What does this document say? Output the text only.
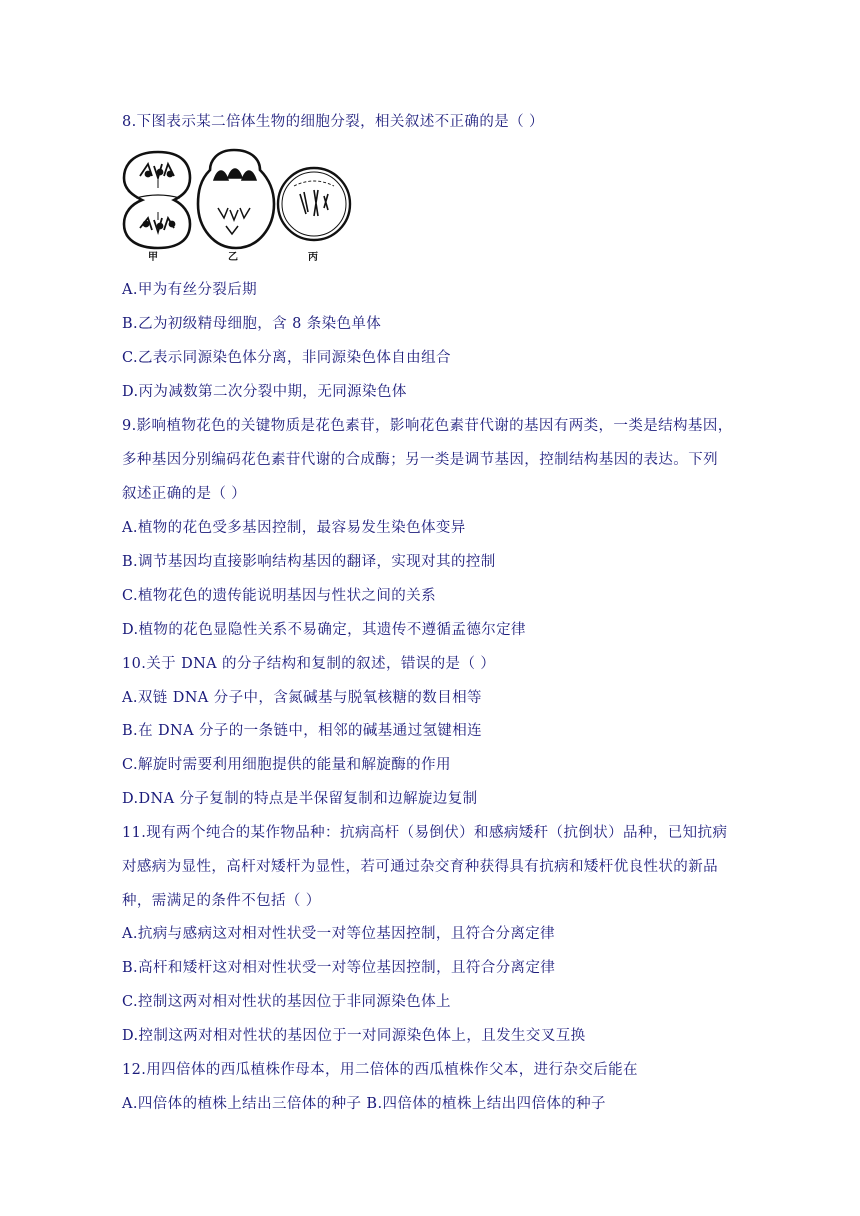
8.下图表示某二倍体生物的细胞分裂，相关叙述不正确的是（ ）
甲	乙	丙
A.甲为有丝分裂后期
B.乙为初级精母细胞，含 8 条染色单体
C.乙表示同源染色体分离，非同源染色体自由组合
D.丙为减数第二次分裂中期，无同源染色体
9.影响植物花色的关键物质是花色素苷，影响花色素苷代谢的基因有两类，一类是结构基因，
多种基因分别编码花色素苷代谢的合成酶；另一类是调节基因，控制结构基因的表达。下列
叙述正确的是（ ）
A.植物的花色受多基因控制，最容易发生染色体变异
B.调节基因均直接影响结构基因的翻译，实现对其的控制
C.植物花色的遗传能说明基因与性状之间的关系
D.植物的花色显隐性关系不易确定，其遗传不遵循孟德尔定律
10.关于 DNA 的分子结构和复制的叙述，错误的是（ ）
A.双链 DNA 分子中，含氮碱基与脱氧核糖的数目相等
B.在 DNA 分子的一条链中，相邻的碱基通过氢键相连
C.解旋时需要利用细胞提供的能量和解旋酶的作用
D.DNA 分子复制的特点是半保留复制和边解旋边复制
11.现有两个纯合的某作物品种：抗病高杆（易倒伏）和感病矮秆（抗倒状）品种，已知抗病
对感病为显性，高杆对矮杆为显性，若可通过杂交育种获得具有抗病和矮杆优良性状的新品
种，需满足的条件不包括（ ）
A.抗病与感病这对相对性状受一对等位基因控制，且符合分离定律
B.高杆和矮杆这对相对性状受一对等位基因控制，且符合分离定律
C.控制这两对相对性状的基因位于非同源染色体上
D.控制这两对相对性状的基因位于一对同源染色体上，且发生交叉互换
12.用四倍体的西瓜植株作母本，用二倍体的西瓜植株作父本，进行杂交后能在
A.四倍体的植株上结出三倍体的种子 B.四倍体的植株上结出四倍体的种子
